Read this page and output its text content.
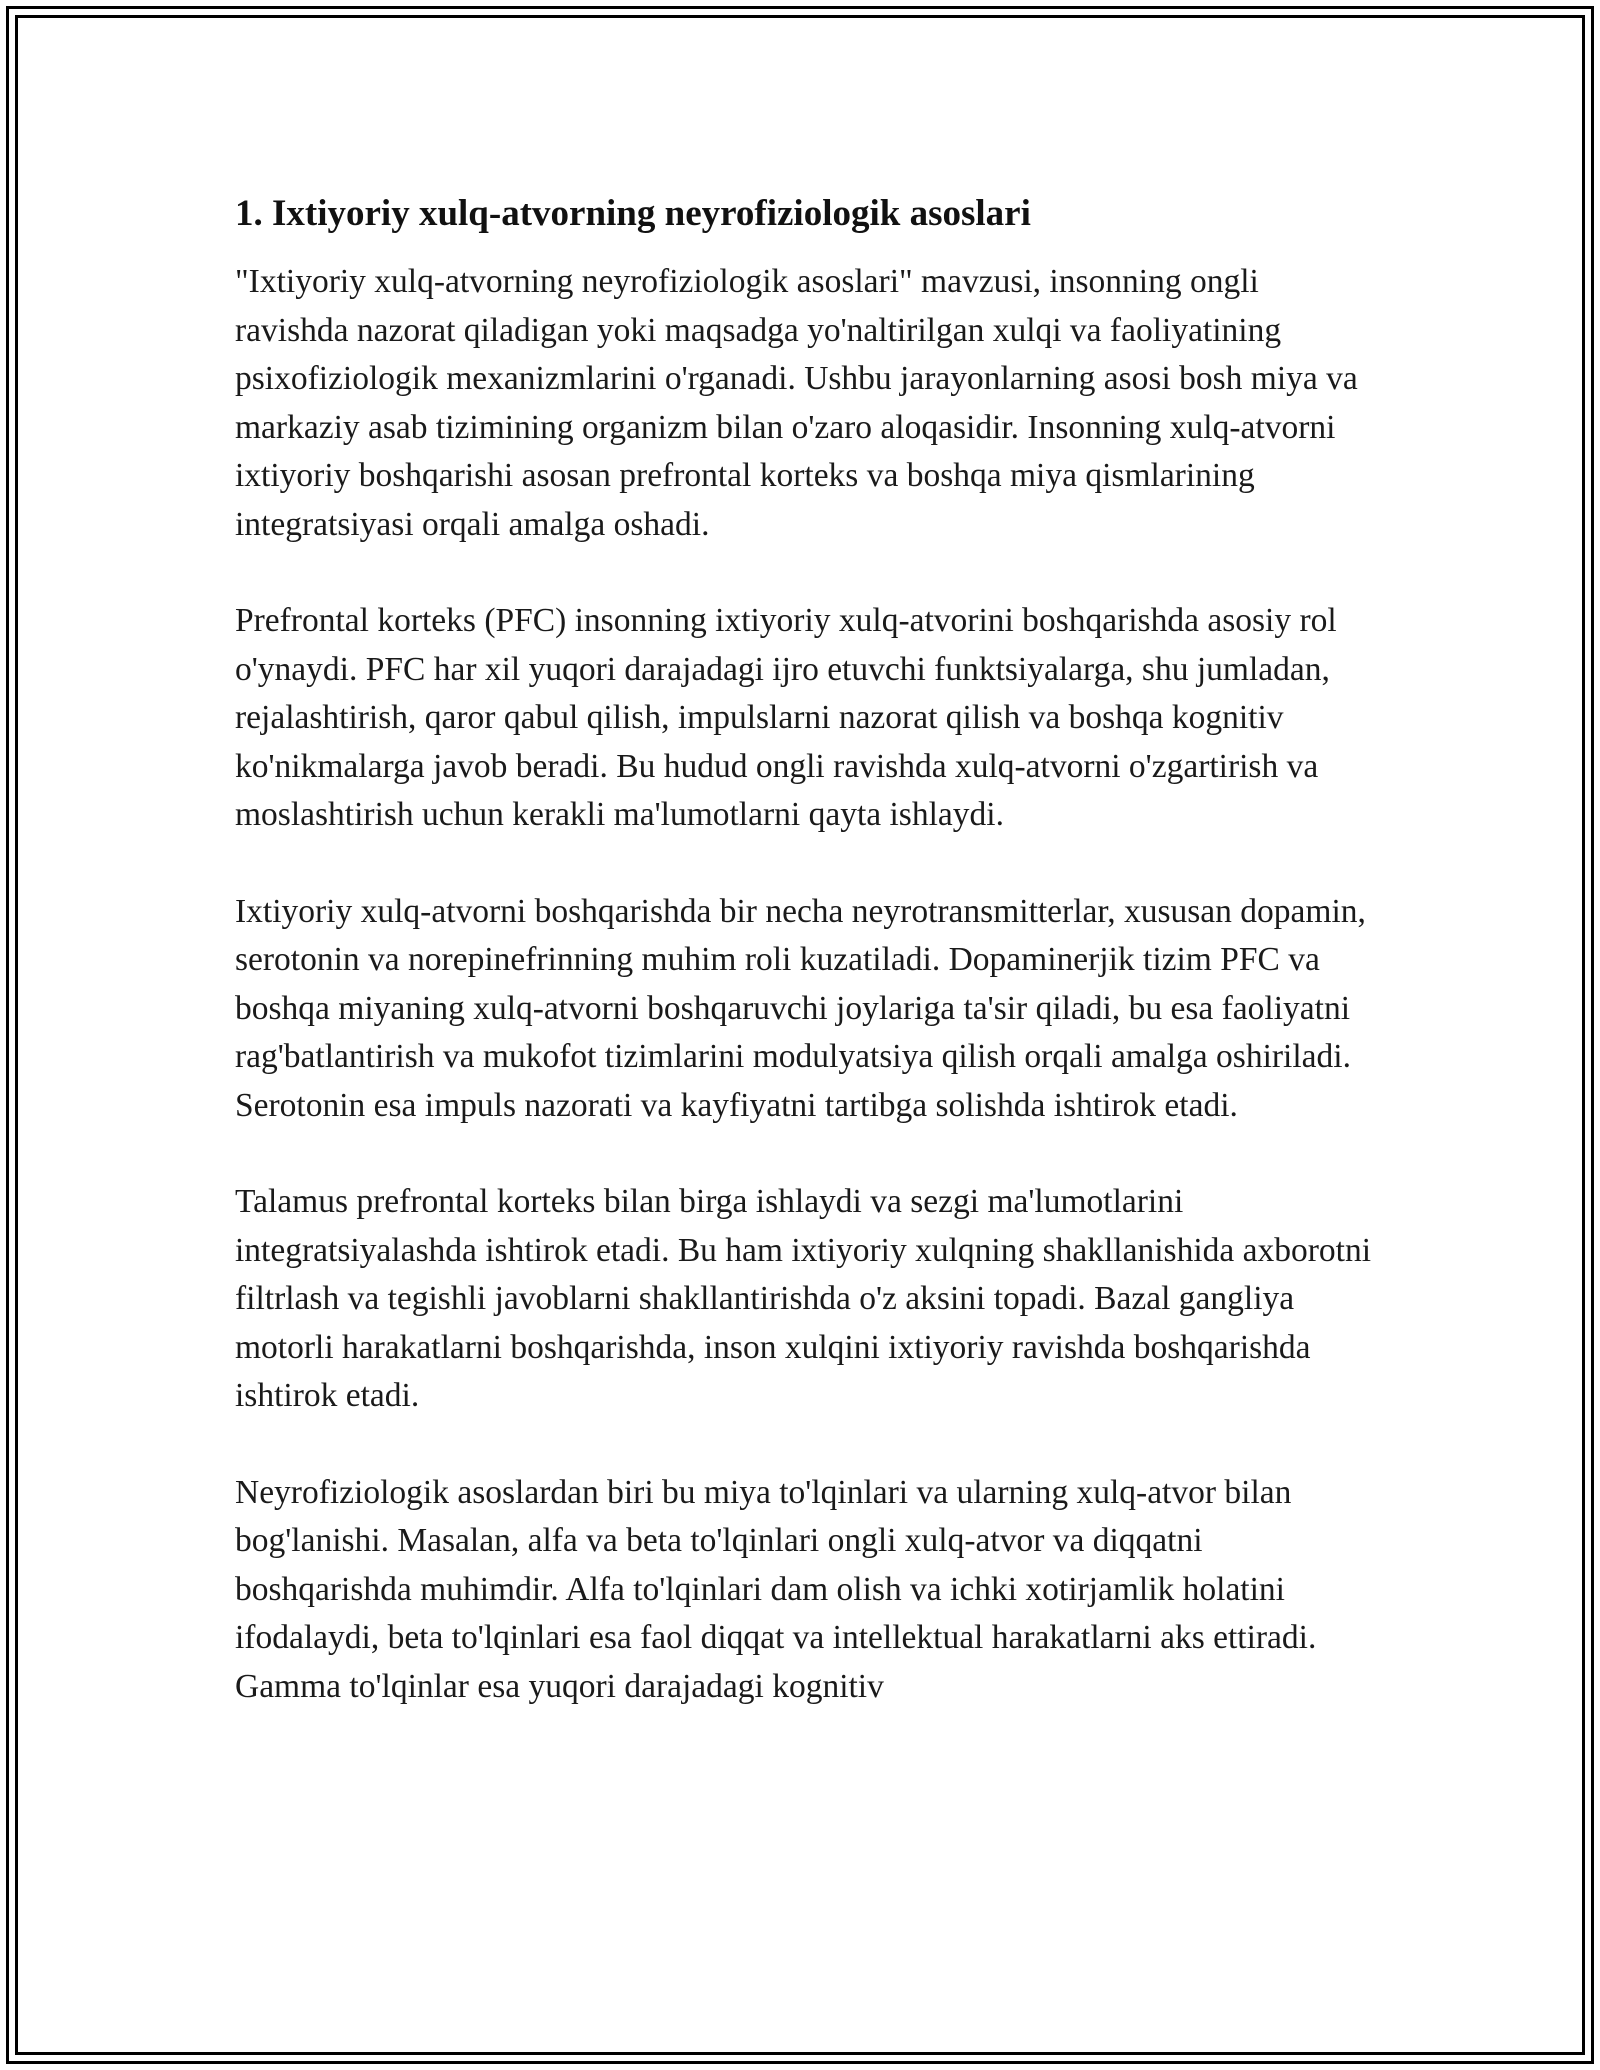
1. Ixtiyoriy xulq-atvorning neyrofiziologik asoslari

"Ixtiyoriy xulq-atvorning neyrofiziologik asoslari" mavzusi, insonning ongli ravishda nazorat qiladigan yoki maqsadga yo'naltirilgan xulqi va faoliyatining psixofiziologik mexanizmlarini o'rganadi. Ushbu jarayonlarning asosi bosh miya va markaziy asab tizimining organizm bilan o'zaro aloqasidir. Insonning xulq-atvorni ixtiyoriy boshqarishi asosan prefrontal korteks va boshqa miya qismlarining integratsiyasi orqali amalga oshadi.

Prefrontal korteks (PFC) insonning ixtiyoriy xulq-atvorini boshqarishda asosiy rol o'ynaydi. PFC har xil yuqori darajadagi ijro etuvchi funktsiyalarga, shu jumladan, rejalashtirish, qaror qabul qilish, impulslarni nazorat qilish va boshqa kognitiv ko'nikmalarga javob beradi. Bu hudud ongli ravishda xulq-atvorni o'zgartirish va moslashtirish uchun kerakli ma'lumotlarni qayta ishlaydi.

Ixtiyoriy xulq-atvorni boshqarishda bir necha neyrotransmitterlar, xususan dopamin, serotonin va norepinefrinning muhim roli kuzatiladi. Dopaminerjik tizim PFC va boshqa miyaning xulq-atvorni boshqaruvchi joylariga ta'sir qiladi, bu esa faoliyatni rag'batlantirish va mukofot tizimlarini modulyatsiya qilish orqali amalga oshiriladi. Serotonin esa impuls nazorati va kayfiyatni tartibga solishda ishtirok etadi.

Talamus prefrontal korteks bilan birga ishlaydi va sezgi ma'lumotlarini integratsiyalashda ishtirok etadi. Bu ham ixtiyoriy xulqning shakllanishida axborotni filtrlash va tegishli javoblarni shakllantirishda o'z aksini topadi. Bazal gangliya motorli harakatlarni boshqarishda, inson xulqini ixtiyoriy ravishda boshqarishda ishtirok etadi.

Neyrofiziologik asoslardan biri bu miya to'lqinlari va ularning xulq-atvor bilan bog'lanishi. Masalan, alfa va beta to'lqinlari ongli xulq-atvor va diqqatni boshqarishda muhimdir. Alfa to'lqinlari dam olish va ichki xotirjamlik holatini ifodalaydi, beta to'lqinlari esa faol diqqat va intellektual harakatlarni aks ettiradi. Gamma to'lqinlar esa yuqori darajadagi kognitiv
